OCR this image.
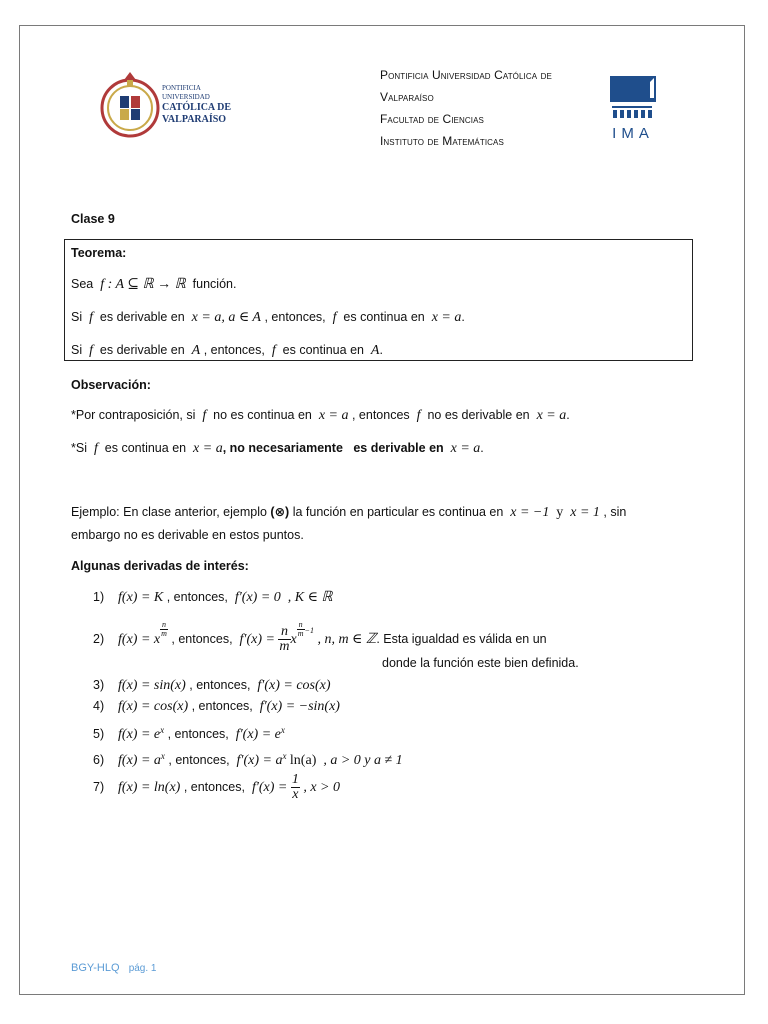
PONTIFICIA
UNIVERSIDAD
CATÓLICA DE
VALPARAÍSO
Pontificia Universidad Católica de
Valparaíso
Facultad de Ciencias
Instituto de Matemáticas	IMA
Clase 9
Teorema:
Sea f : A ⊆ ℝ → ℝ función.
Si f es derivable en x = a, a ∈ A , entonces, f es continua en x = a.
Si f es derivable en A , entonces, f es continua en A.
Observación:
*Por contraposición, si f no es continua en x = a , entonces f no es derivable en x = a.
*Si f es continua en x = a, no necesariamente   es derivable en x = a.
Ejemplo: En clase anterior, ejemplo (⊗) la función en particular es continua en x = −1 y x = 1 , sin
embargo no es derivable en estos puntos.
Algunas derivadas de interés:
1) f(x) = K , entonces, f′(x) = 0 , K ∈ ℝ
2) f(x) = x
$\frac{n}{m}$
, entonces, $f'(x) = \frac{n}{m}$ x
$\frac{n}{m} -1$ , n, m ∈ ℤ. Esta igualdad es válida en un
donde la función este bien definida.
3) f(x) = sin(x) , entonces, f′(x) = cos(x)
4) f(x) = cos(x) , entonces, f′(x) = −sin(x)
5) $f(x) = e^x$ , entonces, $f'(x) = e^x$
6) $f(x) = a^x$ , entonces, $f'(x) = a^x$ ln(a) , a > 0 y a ≠ 1
7) f(x) = ln(x) , entonces, $f'(x) = \frac{1}{x}$ , x > 0
BGY-HLQ pág. 1
